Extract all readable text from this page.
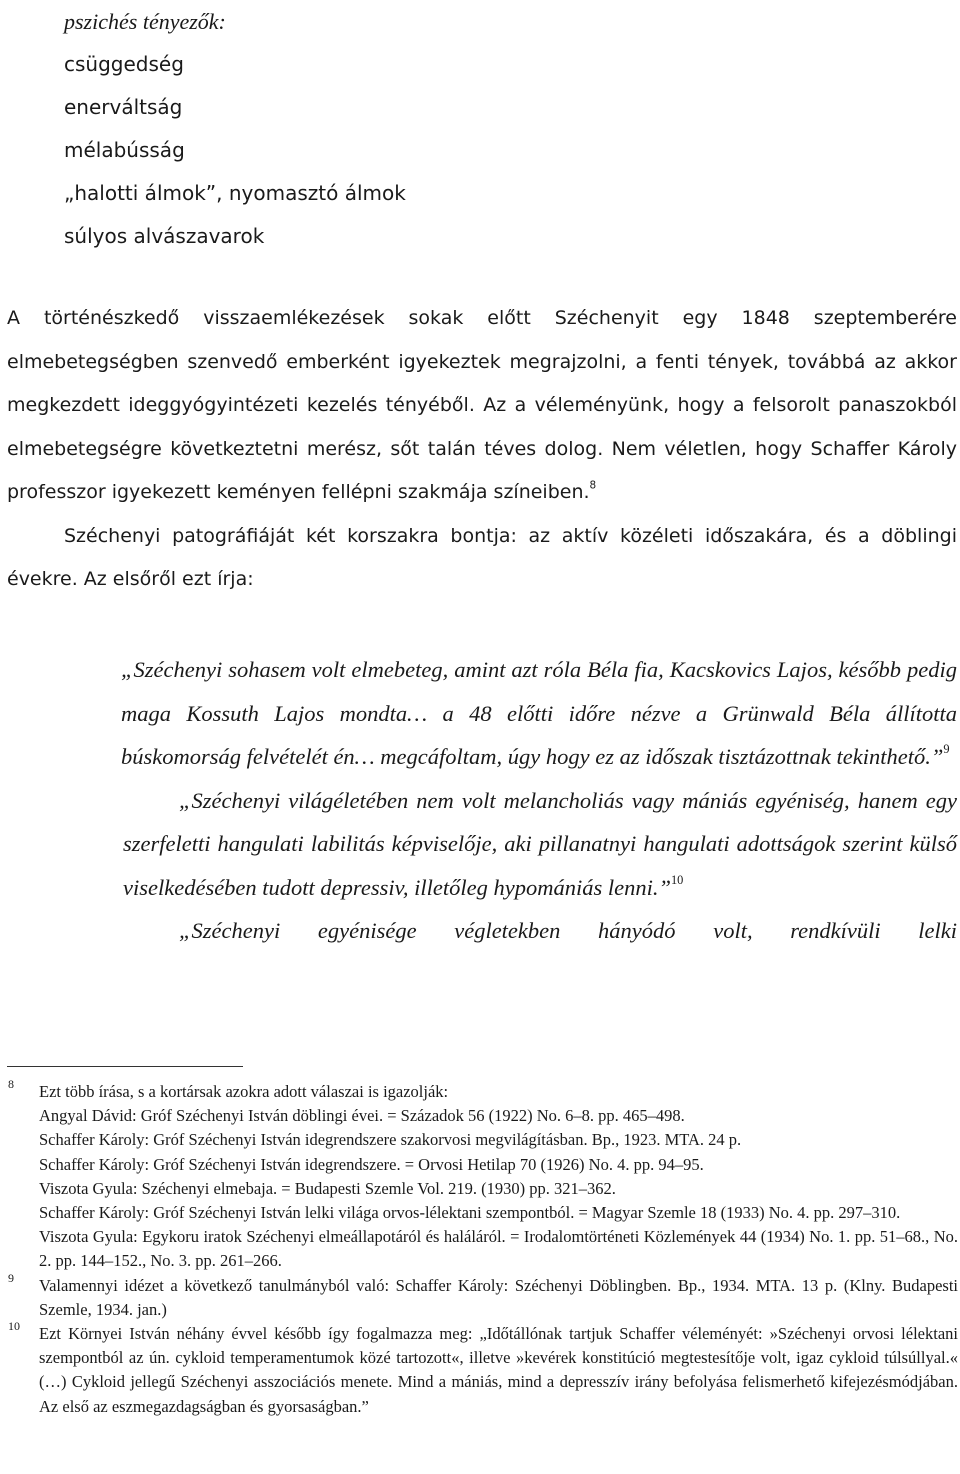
pszichés tényezők:
csüggedség
enerváltság
mélabússág
„halotti álmok”, nyomasztó álmok
súlyos alvászavarok

A történészkedő visszaemlékezések sokak előtt Széchenyit egy 1848 szeptemberére elmebetegségben szenvedő emberként igyekeztek megrajzolni, a fenti tények, továbbá az akkor megkezdett ideggyógyintézeti kezelés tényéből. Az a véleményünk, hogy a felsorolt panaszokból elmebetegségre következtetni merész, sőt talán téves dolog. Nem véletlen, hogy Schaffer Károly professzor igyekezett keményen fellépni szakmája színeiben.$^8$

Széchenyi patográfiáját két korszakra bontja: az aktív közéleti időszakára, és a döblingi évekre. Az elsőről ezt írja:

„Széchenyi sohasem volt elmebeteg, amint azt róla Béla fia, Kacskovics Lajos, később pedig maga Kossuth Lajos mondta… a 48 előtti időre nézve a Grünwald Béla állította búskomorság felvételét én… megcáfoltam, úgy hogy ez az időszak tisztázottnak tekinthető.”$^9$

„Széchenyi világéletében nem volt melancholiás vagy mániás egyéniség, hanem egy szerfeletti hangulati labilitás képviselője, aki pillanatnyi hangulati adottságok szerint külső viselkedésében tudott depressiv, illetőleg hypomániás lenni.”$^{10}$

„Széchenyi egyénisége végletekben hányódó volt, rendkívüli lelki

8 Ezt több írása, s a kortársak azokra adott válaszai is igazolják:

Angyal Dávid: Gróf Széchenyi István döblingi évei. = Századok 56 (1922) No. 6–8. pp. 465–498.

Schaffer Károly: Gróf Széchenyi István idegrendszere szakorvosi megvilágításban. Bp., 1923. MTA. 24 p.

Schaffer Károly: Gróf Széchenyi István idegrendszere. = Orvosi Hetilap 70 (1926) No. 4. pp. 94–95.

Viszota Gyula: Széchenyi elmebaja. = Budapesti Szemle Vol. 219. (1930) pp. 321–362.

Schaffer Károly: Gróf Széchenyi István lelki világa orvos-lélektani szempontból. = Magyar Szemle 18 (1933) No. 4. pp. 297–310.

Viszota Gyula: Egykoru iratok Széchenyi elmeállapotáról és haláláról. = Irodalomtörténeti Közlemények 44 (1934) No. 1. pp. 51–68., No. 2. pp. 144–152., No. 3. pp. 261–266.

9 Valamennyi idézet a következő tanulmányból való: Schaffer Károly: Széchenyi Döblingben. Bp., 1934. MTA. 13 p. (Klny. Budapesti Szemle, 1934. jan.)

10 Ezt Környei István néhány évvel később így fogalmazza meg: „Időtállónak tartjuk Schaffer véleményét: »Széchenyi orvosi lélektani szempontból az ún. cykloid temperamentumok közé tartozott«, illetve »kevérek konstitúció megtestesítője volt, igaz cykloid túlsúllyal.« (…) Cykloid jellegű Széchenyi asszociációs menete. Mind a mániás, mind a depresszív irány befolyása felismerhető kifejezésmódjában. Az első az eszmegazdagságban és gyorsaságban.”
